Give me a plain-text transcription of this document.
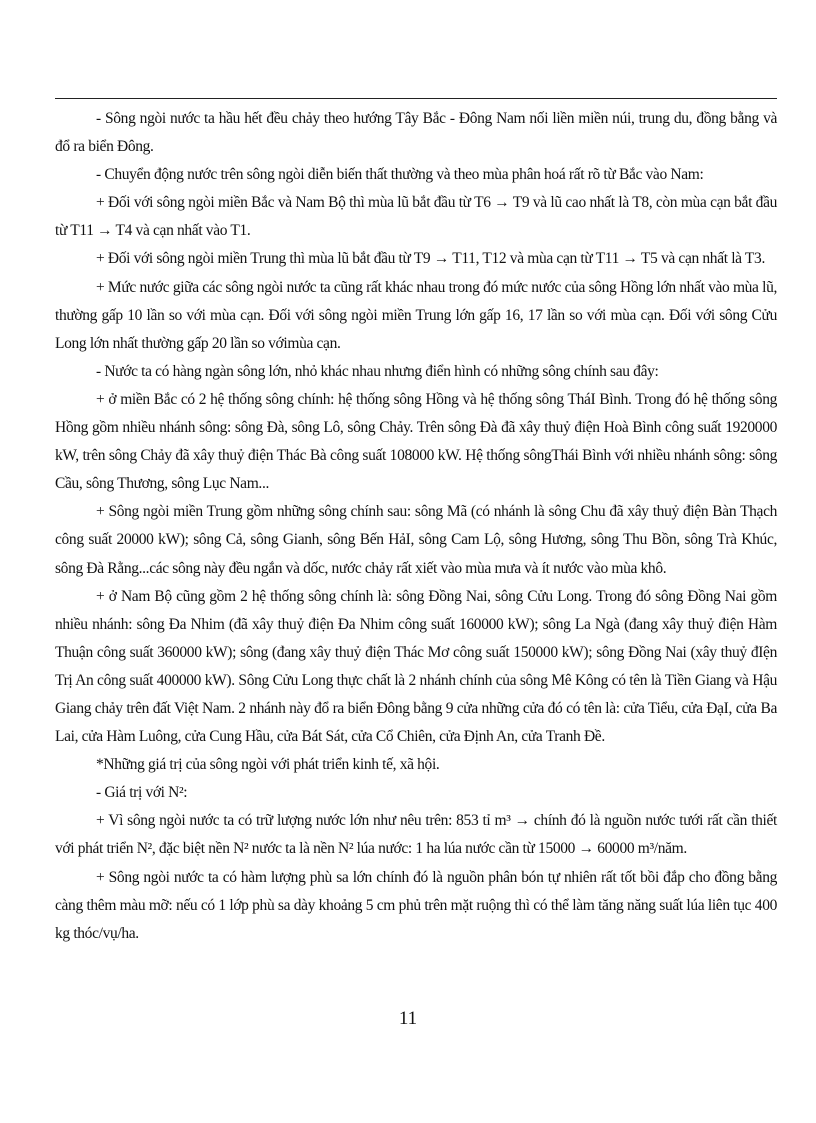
- Sông ngòi nước ta hầu hết đều chảy theo hướng Tây Bắc - Đông Nam nối liền miền núi, trung du, đồng bằng và đổ ra biển Đông.

- Chuyển động nước trên sông ngòi diễn biến thất thường và theo mùa phân hoá rất rõ từ Bắc vào Nam:

+ Đối với sông ngòi miền Bắc và Nam Bộ thì mùa lũ bắt đầu từ T6 → T9 và lũ cao nhất là T8, còn mùa cạn bắt đầu từ T11 → T4 và cạn nhất vào T1.

+ Đối với sông ngòi miền Trung thì mùa lũ bắt đầu từ T9 → T11, T12 và mùa cạn từ T11 → T5 và cạn nhất là T3.

+ Mức nước giữa các sông ngòi nước ta cũng rất khác nhau trong đó mức nước của sông Hồng lớn nhất vào mùa lũ, thường gấp 10 lần so với mùa cạn. Đối với sông ngòi miền Trung lớn gấp 16, 17 lần so với mùa cạn. Đối với sông Cửu Long lớn nhất thường gấp 20 lần so vớimùa cạn.

- Nước ta có hàng ngàn sông lớn, nhỏ khác nhau nhưng điển hình có những sông chính sau đây:

+ ở miền Bắc có 2 hệ thống sông chính: hệ thống sông Hồng và hệ thống sông TháI Bình. Trong đó hệ thống sông Hồng gồm nhiều nhánh sông: sông Đà, sông Lô, sông Chảy. Trên sông Đà đã xây thuỷ điện Hoà Bình công suất 1920000 kW, trên sông Chảy đã xây thuỷ điện Thác Bà công suất 108000 kW. Hệ thống sôngThái Bình với nhiều nhánh sông: sông Cầu, sông Thương, sông Lục Nam...

+ Sông ngòi miền Trung gồm những sông chính sau: sông Mã (có nhánh là sông Chu đã xây thuỷ điện Bàn Thạch công suất 20000 kW); sông Cả, sông Gianh, sông Bến HảI, sông Cam Lộ, sông Hương, sông Thu Bồn, sông Trà Khúc, sông Đà Rằng...các sông này đều ngắn và dốc, nước chảy rất xiết vào mùa mưa và ít nước vào mùa khô.

+ ở Nam Bộ cũng gồm 2 hệ thống sông chính là: sông Đồng Nai, sông Cửu Long. Trong đó sông Đồng Nai gồm nhiều nhánh: sông Đa Nhim (đã xây thuỷ điện Đa Nhim công suất 160000 kW); sông La Ngà (đang xây thuỷ điện Hàm Thuận công suất 360000 kW); sông (đang xây thuỷ điện Thác Mơ công suất 150000 kW); sông Đồng Nai (xây thuỷ đIện Trị An công suất 400000 kW). Sông Cửu Long thực chất là 2 nhánh chính của sông Mê Kông có tên là Tiền Giang và Hậu Giang chảy trên đất Việt Nam. 2 nhánh này đổ ra biển Đông bằng 9 cửa những cửa đó có tên là: cửa Tiểu, cửa ĐạI, cửa Ba Lai, cửa Hàm Luông, cửa Cung Hầu, cửa Bát Sát, cửa Cổ Chiên, cửa Định An, cửa Tranh Đề.

*Những giá trị của sông ngòi với phát triển kinh tế, xã hội.

- Giá trị với N²:

+ Vì sông ngòi nước ta có trữ lượng nước lớn như nêu trên: 853 tỉ m³ → chính đó là nguồn nước tưới rất cần thiết với phát triển N², đặc biệt nền N² nước ta là nền N² lúa nước: 1 ha lúa nước cần từ 15000 → 60000 m³/năm.

+ Sông ngòi nước ta có hàm lượng phù sa lớn chính đó là nguồn phân bón tự nhiên rất tốt bồi đắp cho đồng bằng càng thêm màu mỡ: nếu có 1 lớp phù sa dày khoảng 5 cm phủ trên mặt ruộng thì có thể làm tăng năng suất lúa liên tục 400 kg thóc/vụ/ha.

11
